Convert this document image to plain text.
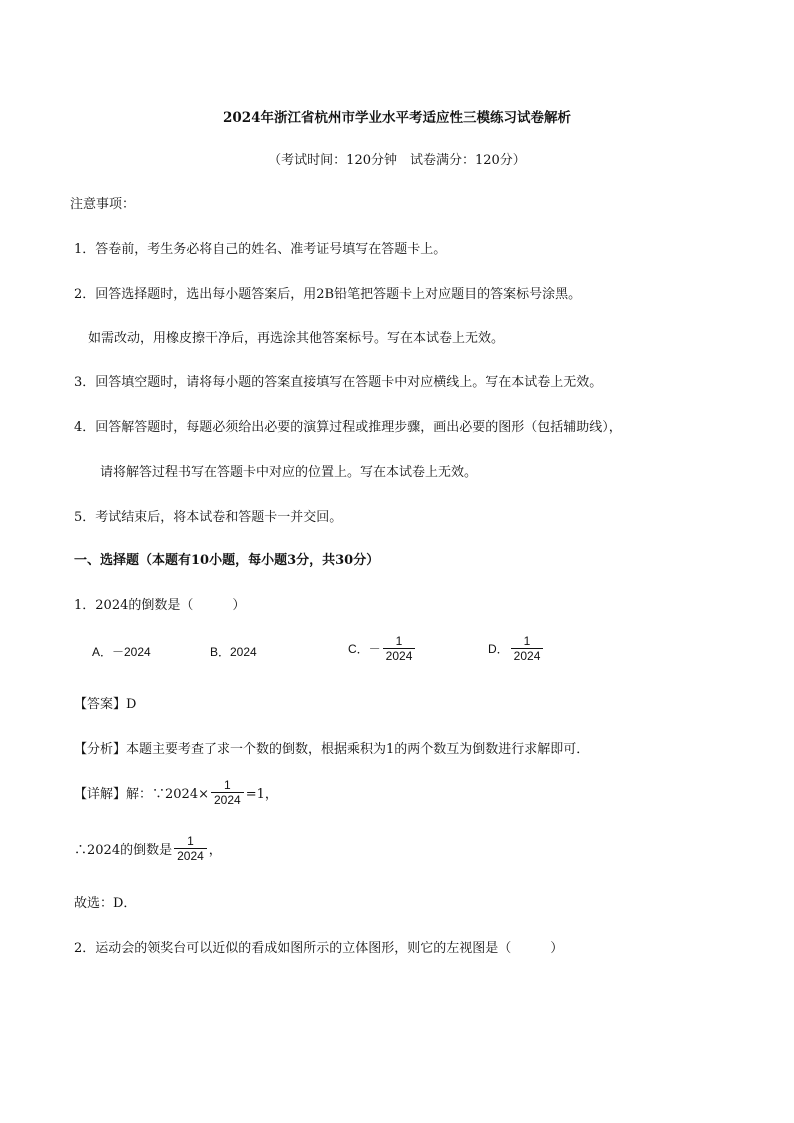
2024年浙江省杭州市学业水平考适应性三模练习试卷解析
（考试时间：120分钟　试卷满分：120分）
注意事项：
1．答卷前，考生务必将自己的姓名、准考证号填写在答题卡上。
2．回答选择题时，选出每小题答案后，用2B铅笔把答题卡上对应题目的答案标号涂黑。
如需改动，用橡皮擦干净后，再选涂其他答案标号。写在本试卷上无效。
3．回答填空题时，请将每小题的答案直接填写在答题卡中对应横线上。写在本试卷上无效。
4．回答解答题时，每题必须给出必要的演算过程或推理步骤，画出必要的图形（包括辅助线），
请将解答过程书写在答题卡中对应的位置上。写在本试卷上无效。
5．考试结束后，将本试卷和答题卡一并交回。
一、选择题（本题有10小题，每小题3分，共30分）
1．2024的倒数是（　　　）
A．－2024	B．2024	C．－ $\frac{1}{2024}$	D． $\frac{1}{2024}$
【答案】D
【分析】本题主要考查了求一个数的倒数，根据乘积为1的两个数互为倒数进行求解即可．
【详解】解：∵2024× $\frac{1}{2024} =1$，
∴2024的倒数是 $\frac{1}{2024}$ ，
故选：D．
2．运动会的领奖台可以近似的看成如图所示的立体图形，则它的左视图是（　　　）
